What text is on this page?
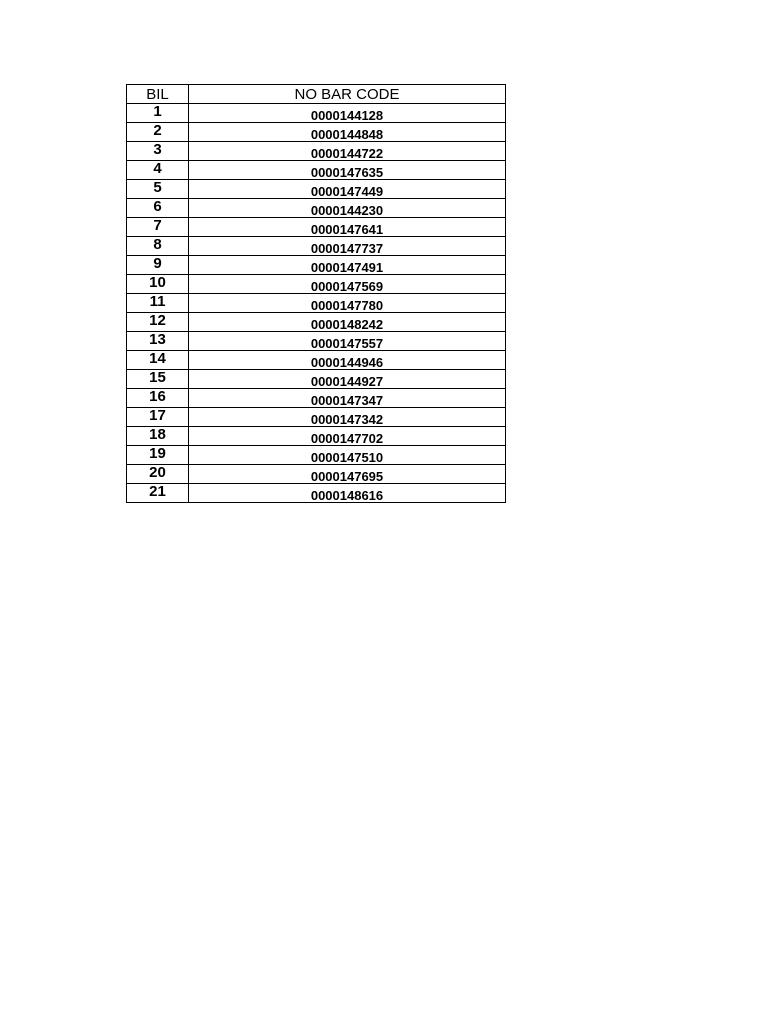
BIL	NO BAR CODE
1	0000144128
2	0000144848
3	0000144722
4	0000147635
5	0000147449
6	0000144230
7	0000147641
8	0000147737
9	0000147491
10	0000147569
11	0000147780
12	0000148242
13	0000147557
14	0000144946
15	0000144927
16	0000147347
17	0000147342
18	0000147702
19	0000147510
20	0000147695
21	0000148616
